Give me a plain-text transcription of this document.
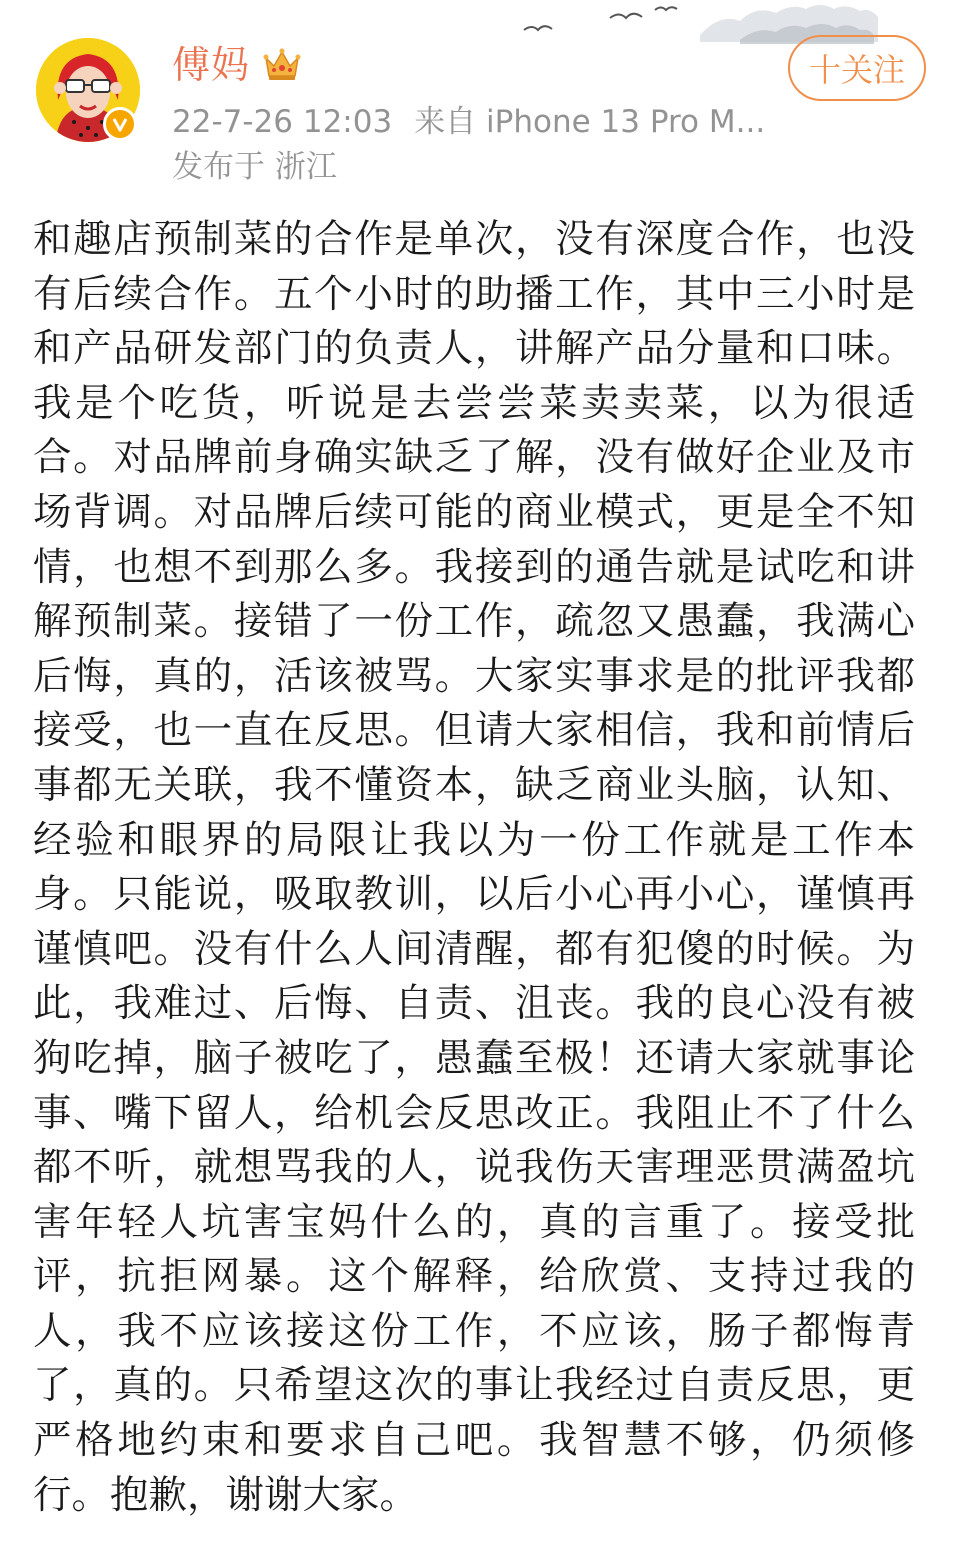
傅妈
22-7-26 12:03 来自 iPhone 13 Pro M...
发布于 浙江
十关注
和趣店预制菜的合作是单次，没有深度合作，也没有后续合作。五个小时的助播工作，其中三小时是和产品研发部门的负责人，讲解产品分量和口味。我是个吃货，听说是去尝尝菜卖卖菜，以为很适合。对品牌前身确实缺乏了解，没有做好企业及市场背调。对品牌后续可能的商业模式，更是全不知情，也想不到那么多。我接到的通告就是试吃和讲解预制菜。接错了一份工作，疏忽又愚蠢，我满心后悔，真的，活该被骂。大家实事求是的批评我都接受，也一直在反思。但请大家相信，我和前情后事都无关联，我不懂资本，缺乏商业头脑，认知、经验和眼界的局限让我以为一份工作就是工作本身。只能说，吸取教训，以后小心再小心，谨慎再谨慎吧。没有什么人间清醒，都有犯傻的时候。为此，我难过、后悔、自责、沮丧。我的良心没有被狗吃掉，脑子被吃了，愚蠢至极！还请大家就事论事、嘴下留人，给机会反思改正。我阻止不了什么都不听，就想骂我的人，说我伤天害理恶贯满盈坑害年轻人坑害宝妈什么的，真的言重了。接受批评，抗拒网暴。这个解释，给欣赏、支持过我的人，我不应该接这份工作，不应该，肠子都悔青了，真的。只希望这次的事让我经过自责反思，更严格地约束和要求自己吧。我智慧不够，仍须修行。抱歉，谢谢大家。
